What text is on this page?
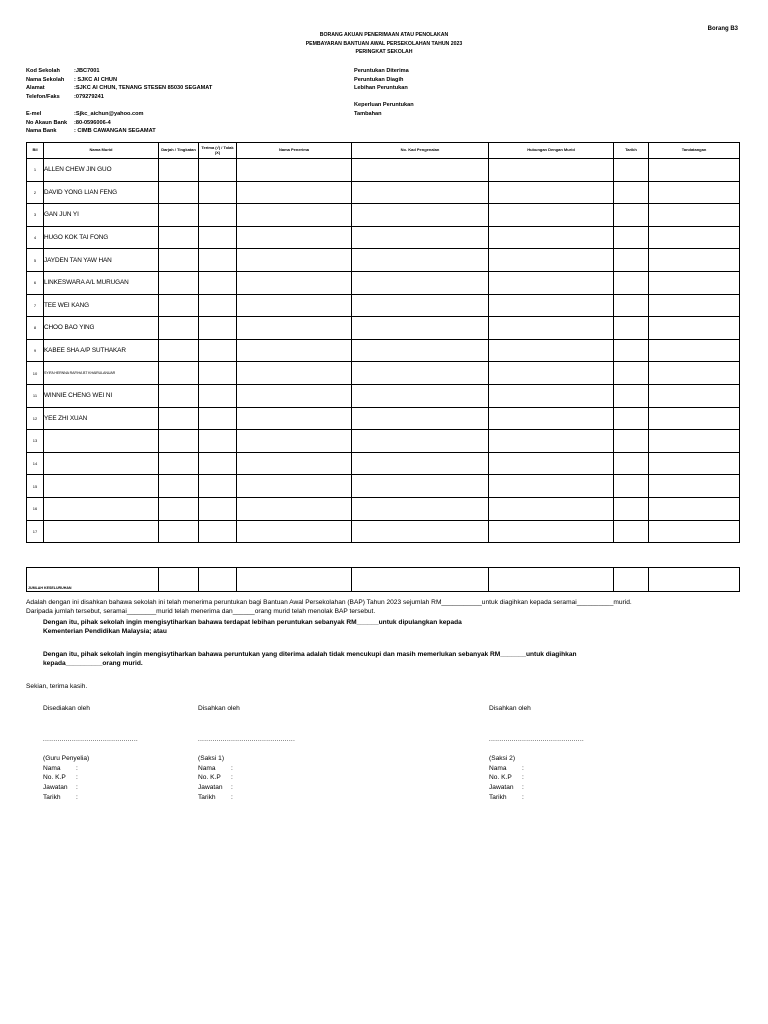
Borang B3
BORANG AKUAN PENERIMAAN ATAU PENOLAKAN
PEMBAYARAN BANTUAN AWAL PERSEKOLAHAN TAHUN 2023
PERINGKAT SEKOLAH
Kod Sekolah	:JBC7001
Nama Sekolah	: SJKC AI CHUN
Alamat	:SJKC AI CHUN, TENANG STESEN 85030 SEGAMAT
Telefon/Faks	:079279241
E-mel	:Sjkc_aichun@yahoo.com
No Akaun Bank	:80-0596006-4
Nama Bank	: CIMB CAWANGAN SEGAMAT
Peruntukan Diterima
Peruntukan Diagih
Lebihan Peruntukan
Keperluan Peruntukan
Tambahan
Bil	Nama Murid	Darjah / Tingkatan	Terima (√) / Tolak (X)	Nama Penerima	No. Kad Pengenalan	Hubungan Dengan Murid	Tarikh	Tandatangan
1	ALLEN CHEW JIN GUO							
2	DAVID YONG LIAN FENG							
3	GAN JUN YI							
4	HUGO KOK TAI FONG							
5	JAYDEN TAN YAW HAN							
6	LINKESWARA A/L MURUGAN							
7	TEE WEI KANG							
8	CHOO BAO YING							
9	KABEE SHA A/P SUTHAKAR							
10	SYIFA HERNNA RAFIHA BT KHAIRULANUAR							
11	WINNIE CHENG WEI NI							
12	YEE ZHI XUAN							
13								
14								
15								
16								
17								
JUMLAH KESELURUHAN							
Adalah dengan ini disahkan bahawa sekolah ini telah menerima peruntukan bagi Bantuan Awal Persekolahan (BAP) Tahun 2023 sejumlah RM___________untuk diagihkan kepada seramai__________murid.
Daripada jumlah tersebut, seramai________murid telah menerima dan______orang murid telah menolak BAP tersebut.
Dengan itu, pihak sekolah ingin mengisytiharkan bahawa terdapat lebihan peruntukan sebanyak RM______untuk dipulangkan kepada
Kementerian Pendidikan Malaysia; atau
Dengan itu, pihak sekolah ingin mengisytiharkan bahawa peruntukan yang diterima adalah tidak mencukupi dan masih memerlukan sebanyak RM_______untuk diagihkan
kepada__________orang murid.
Sekian, terima kasih.
Disediakan oleh
..............................................
(Guru Penyelia)
Nama	:
No. K.P	:
Jawatan	:
Tarikh	:
Disahkan oleh
...............................................
(Saksi 1)
Nama	:
No. K.P	:
Jawatan	:
Tarikh	:
Disahkan oleh
..............................................
(Saksi 2)
Nama	:
No. K.P	:
Jawatan	:
Tarikh	:
